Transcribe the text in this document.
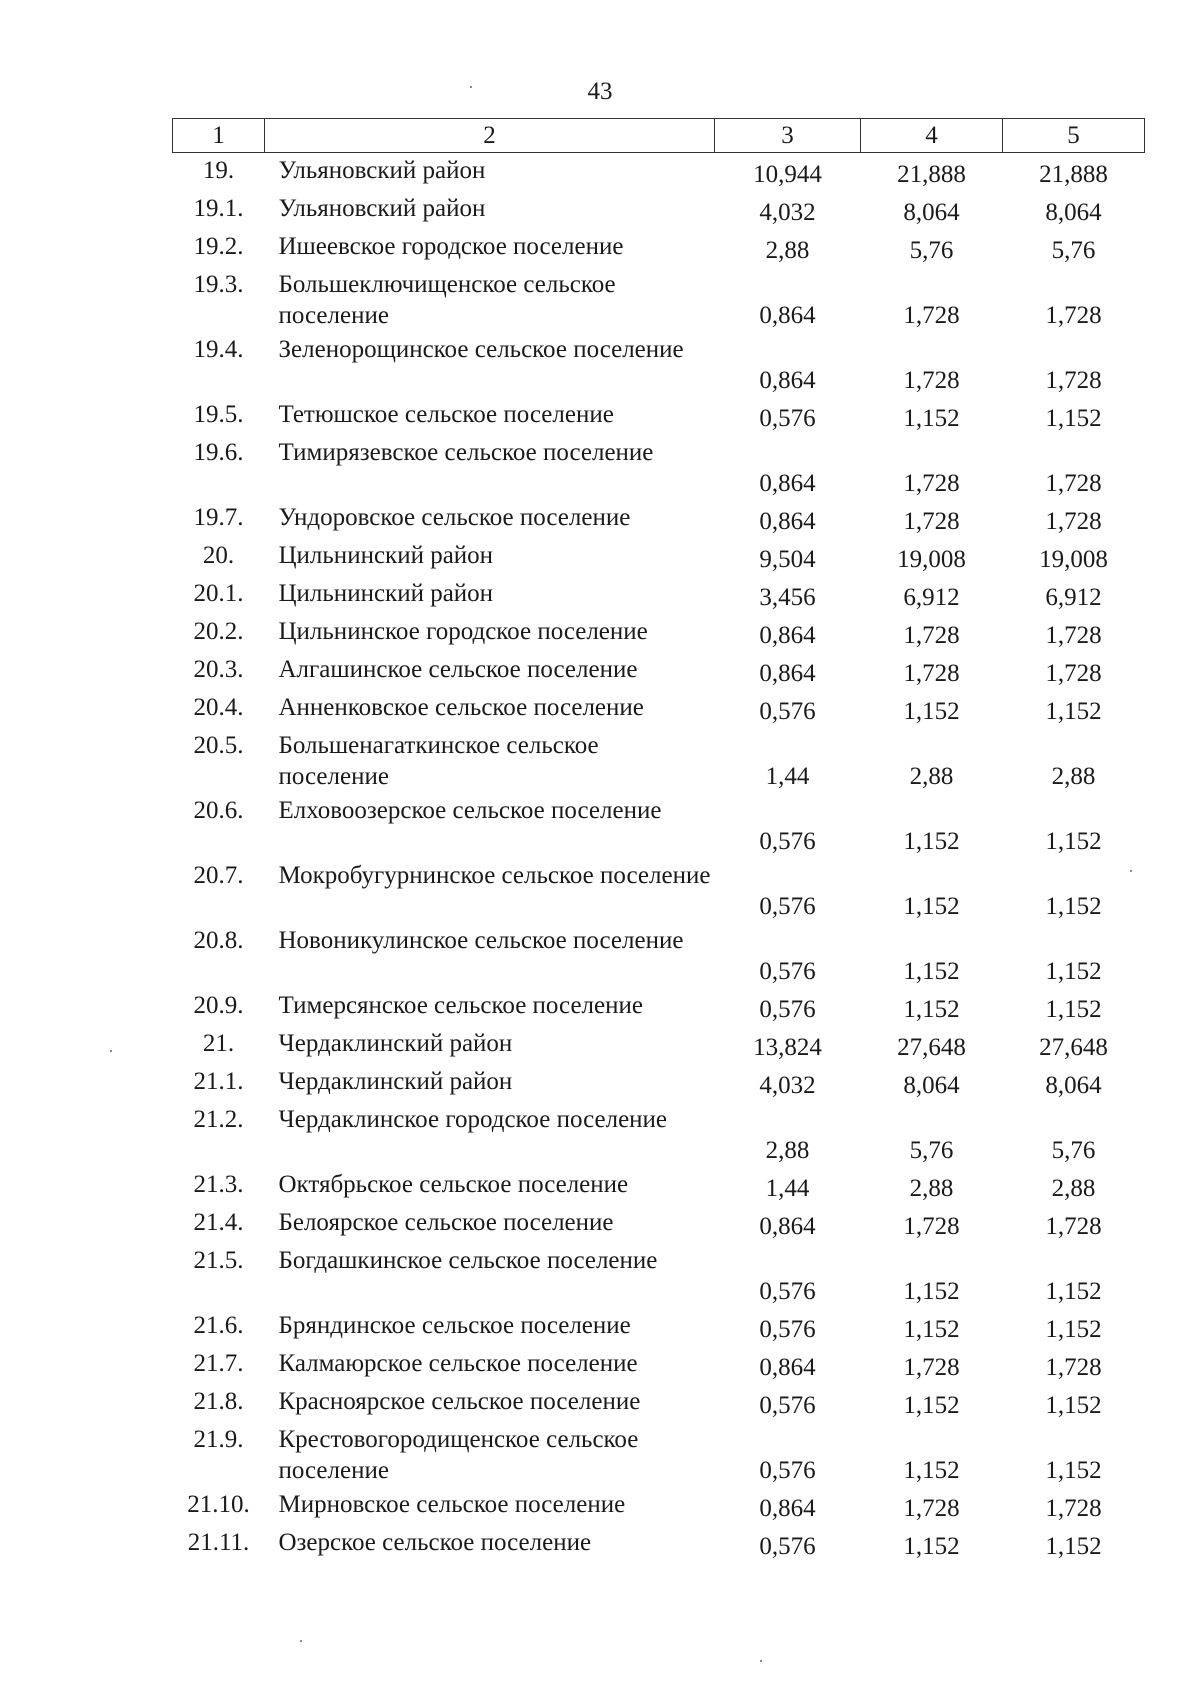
43
1	2	3	4	5
19.	Ульяновский район	10,944	21,888	21,888
19.1.	Ульяновский район	4,032	8,064	8,064
19.2.	Ишеевское городское поселение	2,88	5,76	5,76
19.3.	Большеключищенское сельское поселение	0,864	1,728	1,728
19.4.	Зеленорощинское сельское поселение	0,864	1,728	1,728
19.5.	Тетюшское сельское поселение	0,576	1,152	1,152
19.6.	Тимирязевское сельское поселение	0,864	1,728	1,728
19.7.	Ундоровское сельское поселение	0,864	1,728	1,728
20.	Цильнинский район	9,504	19,008	19,008
20.1.	Цильнинский район	3,456	6,912	6,912
20.2.	Цильнинское городское поселение	0,864	1,728	1,728
20.3.	Алгашинское сельское поселение	0,864	1,728	1,728
20.4.	Анненковское сельское поселение	0,576	1,152	1,152
20.5.	Большенагаткинское сельское поселение	1,44	2,88	2,88
20.6.	Елховоозерское сельское поселение	0,576	1,152	1,152
20.7.	Мокробугурнинское сельское поселение	0,576	1,152	1,152
20.8.	Новоникулинское сельское поселение	0,576	1,152	1,152
20.9.	Тимерсянское сельское поселение	0,576	1,152	1,152
21.	Чердаклинский район	13,824	27,648	27,648
21.1.	Чердаклинский район	4,032	8,064	8,064
21.2.	Чердаклинское городское поселение	2,88	5,76	5,76
21.3.	Октябрьское сельское поселение	1,44	2,88	2,88
21.4.	Белоярское сельское поселение	0,864	1,728	1,728
21.5.	Богдашкинское сельское поселение	0,576	1,152	1,152
21.6.	Бряндинское сельское поселение	0,576	1,152	1,152
21.7.	Калмаюрское сельское поселение	0,864	1,728	1,728
21.8.	Красноярское сельское поселение	0,576	1,152	1,152
21.9.	Крестовогородищенское сельское поселение	0,576	1,152	1,152
21.10.	Мирновское сельское поселение	0,864	1,728	1,728
21.11.	Озерское сельское поселение	0,576	1,152	1,152
